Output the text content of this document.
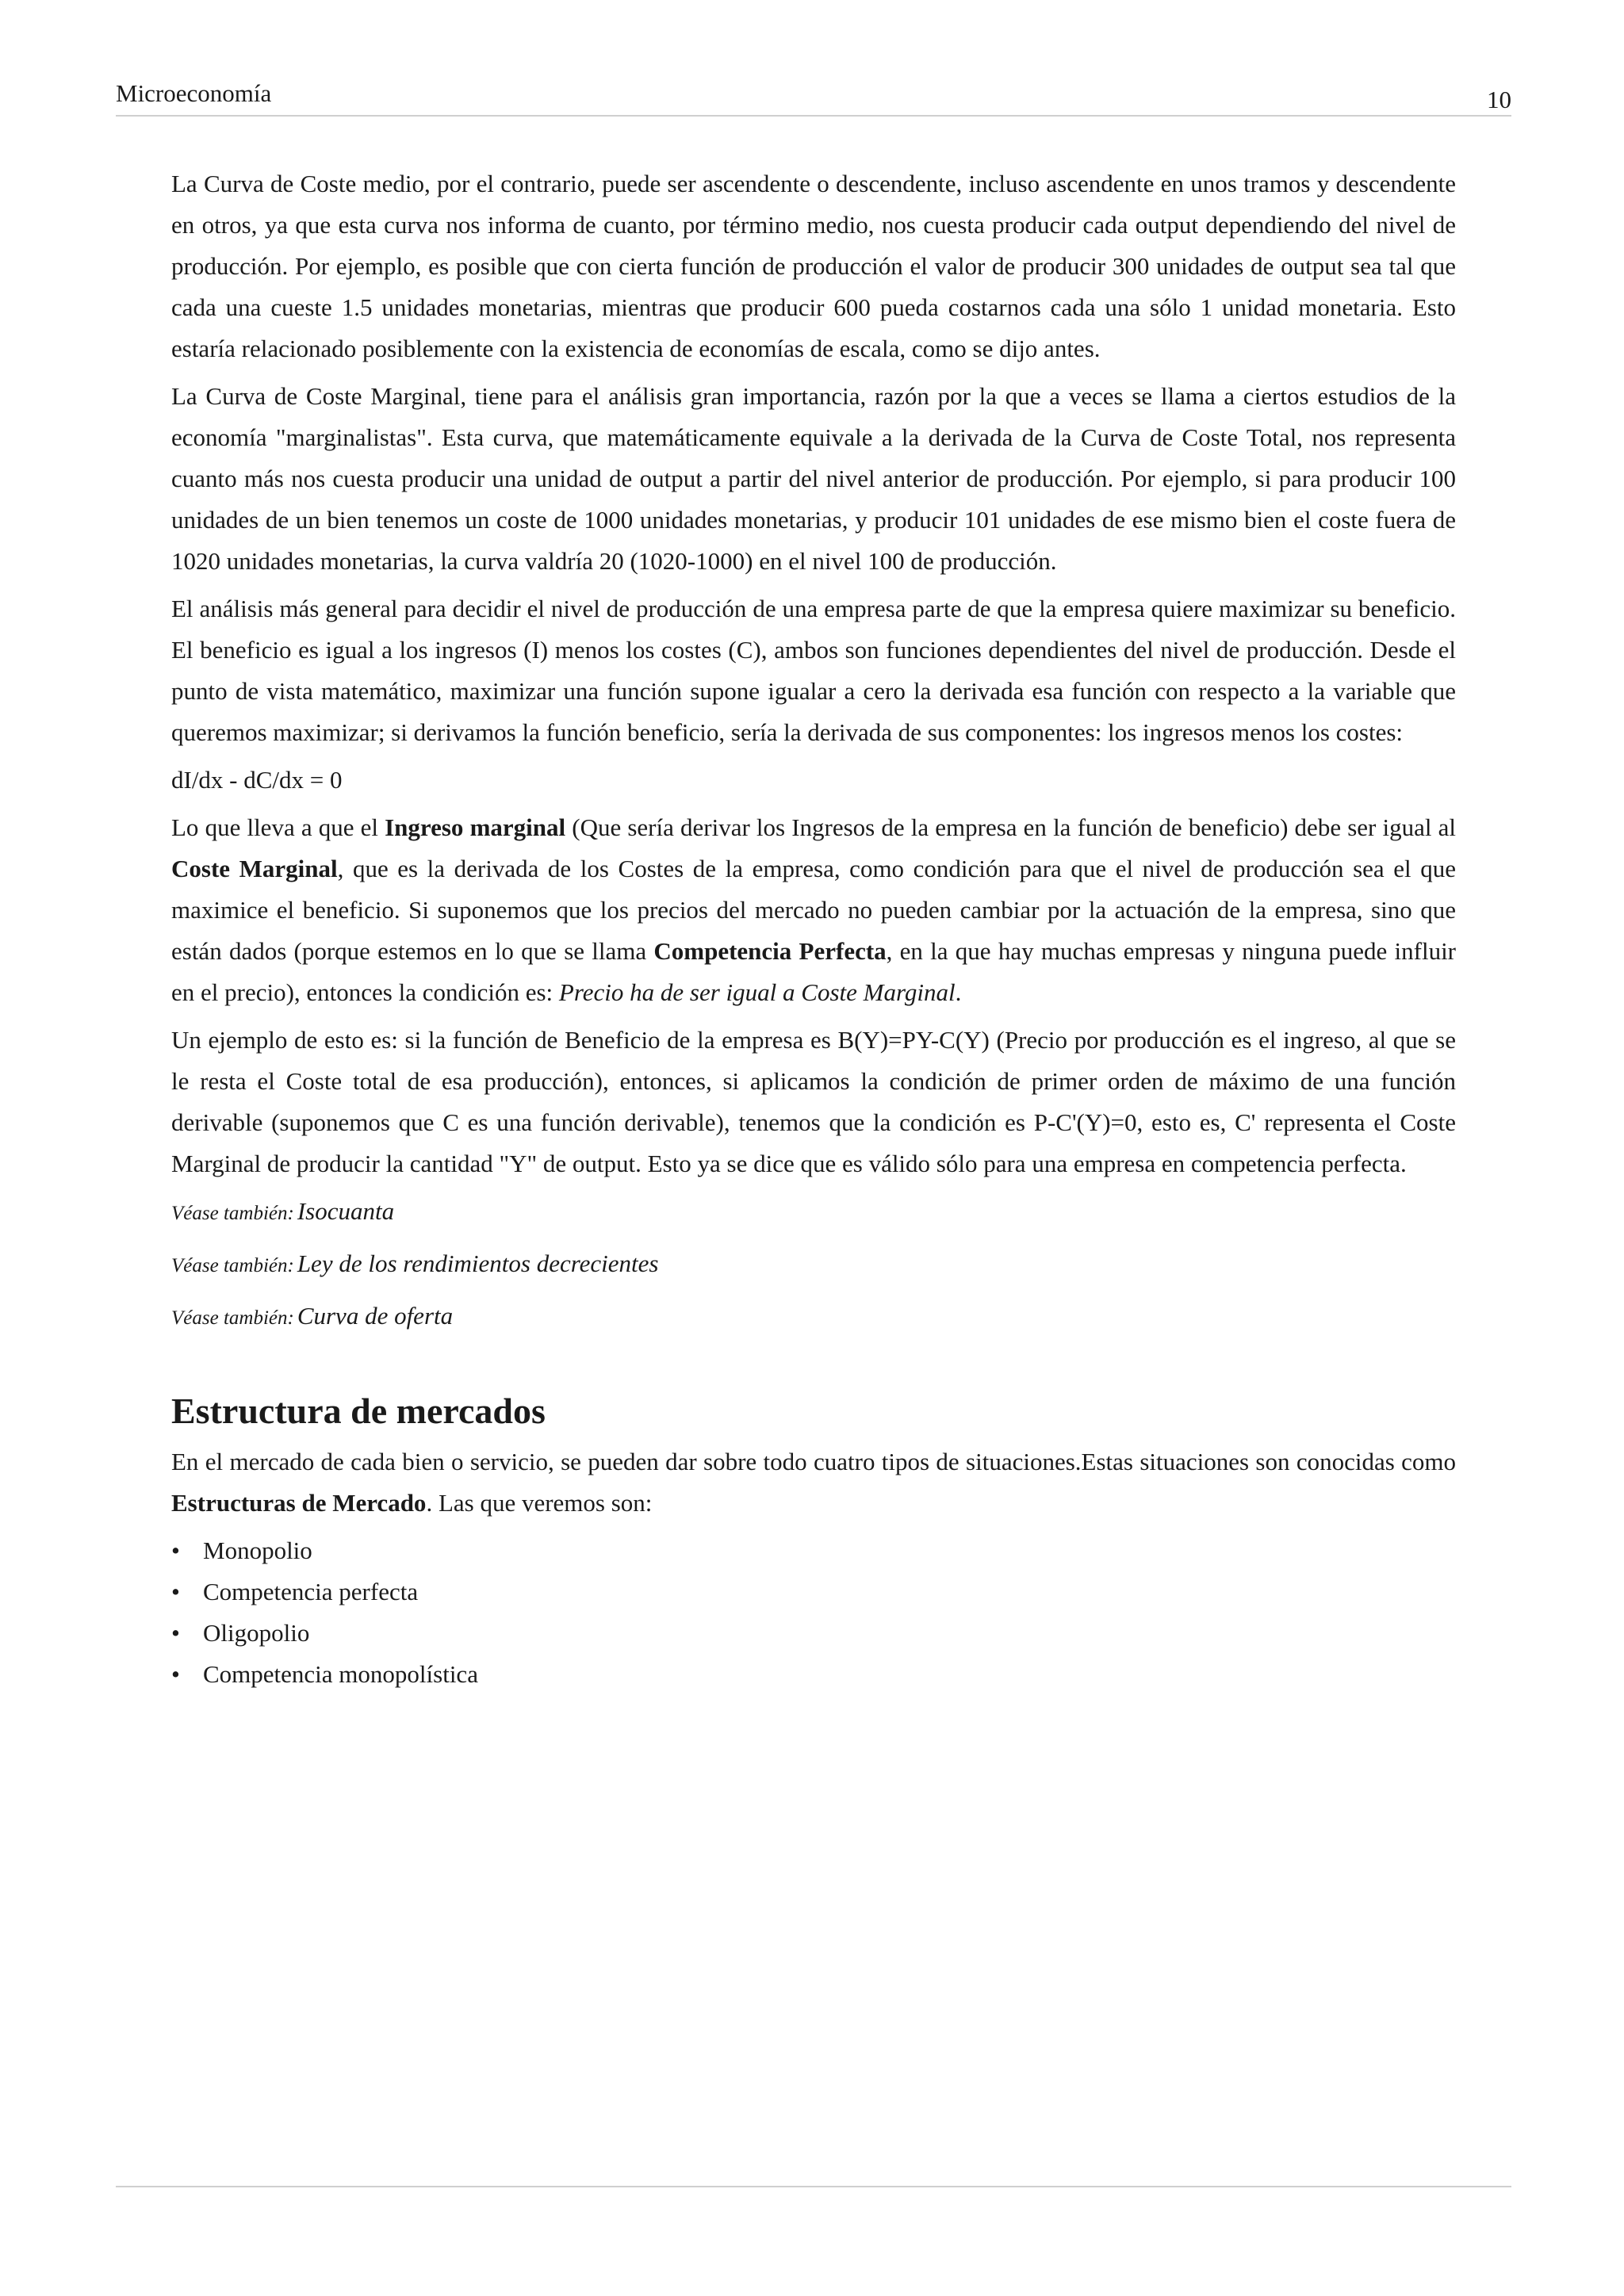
Microeconomía	10

La Curva de Coste medio, por el contrario, puede ser ascendente o descendente, incluso ascendente en unos tramos y descendente en otros, ya que esta curva nos informa de cuanto, por término medio, nos cuesta producir cada output dependiendo del nivel de producción. Por ejemplo, es posible que con cierta función de producción el valor de producir 300 unidades de output sea tal que cada una cueste 1.5 unidades monetarias, mientras que producir 600 pueda costarnos cada una sólo 1 unidad monetaria. Esto estaría relacionado posiblemente con la existencia de economías de escala, como se dijo antes.

La Curva de Coste Marginal, tiene para el análisis gran importancia, razón por la que a veces se llama a ciertos estudios de la economía "marginalistas". Esta curva, que matemáticamente equivale a la derivada de la Curva de Coste Total, nos representa cuanto más nos cuesta producir una unidad de output a partir del nivel anterior de producción. Por ejemplo, si para producir 100 unidades de un bien tenemos un coste de 1000 unidades monetarias, y producir 101 unidades de ese mismo bien el coste fuera de 1020 unidades monetarias, la curva valdría 20 (1020-1000) en el nivel 100 de producción.

El análisis más general para decidir el nivel de producción de una empresa parte de que la empresa quiere maximizar su beneficio. El beneficio es igual a los ingresos (I) menos los costes (C), ambos son funciones dependientes del nivel de producción. Desde el punto de vista matemático, maximizar una función supone igualar a cero la derivada esa función con respecto a la variable que queremos maximizar; si derivamos la función beneficio, sería la derivada de sus componentes: los ingresos menos los costes:

dI/dx - dC/dx = 0

Lo que lleva a que el Ingreso marginal (Que sería derivar los Ingresos de la empresa en la función de beneficio) debe ser igual al Coste Marginal, que es la derivada de los Costes de la empresa, como condición para que el nivel de producción sea el que maximice el beneficio. Si suponemos que los precios del mercado no pueden cambiar por la actuación de la empresa, sino que están dados (porque estemos en lo que se llama Competencia Perfecta, en la que hay muchas empresas y ninguna puede influir en el precio), entonces la condición es: Precio ha de ser igual a Coste Marginal.

Un ejemplo de esto es: si la función de Beneficio de la empresa es B(Y)=PY-C(Y) (Precio por producción es el ingreso, al que se le resta el Coste total de esa producción), entonces, si aplicamos la condición de primer orden de máximo de una función derivable (suponemos que C es una función derivable), tenemos que la condición es P-C'(Y)=0, esto es, C' representa el Coste Marginal de producir la cantidad "Y" de output. Esto ya se dice que es válido sólo para una empresa en competencia perfecta.

Véase también: Isocuanta
Véase también: Ley de los rendimientos decrecientes
Véase también: Curva de oferta
Estructura de mercados

En el mercado de cada bien o servicio, se pueden dar sobre todo cuatro tipos de situaciones.Estas situaciones son conocidas como Estructuras de Mercado. Las que veremos son:

• Monopolio
• Competencia perfecta
• Oligopolio
• Competencia monopolística
